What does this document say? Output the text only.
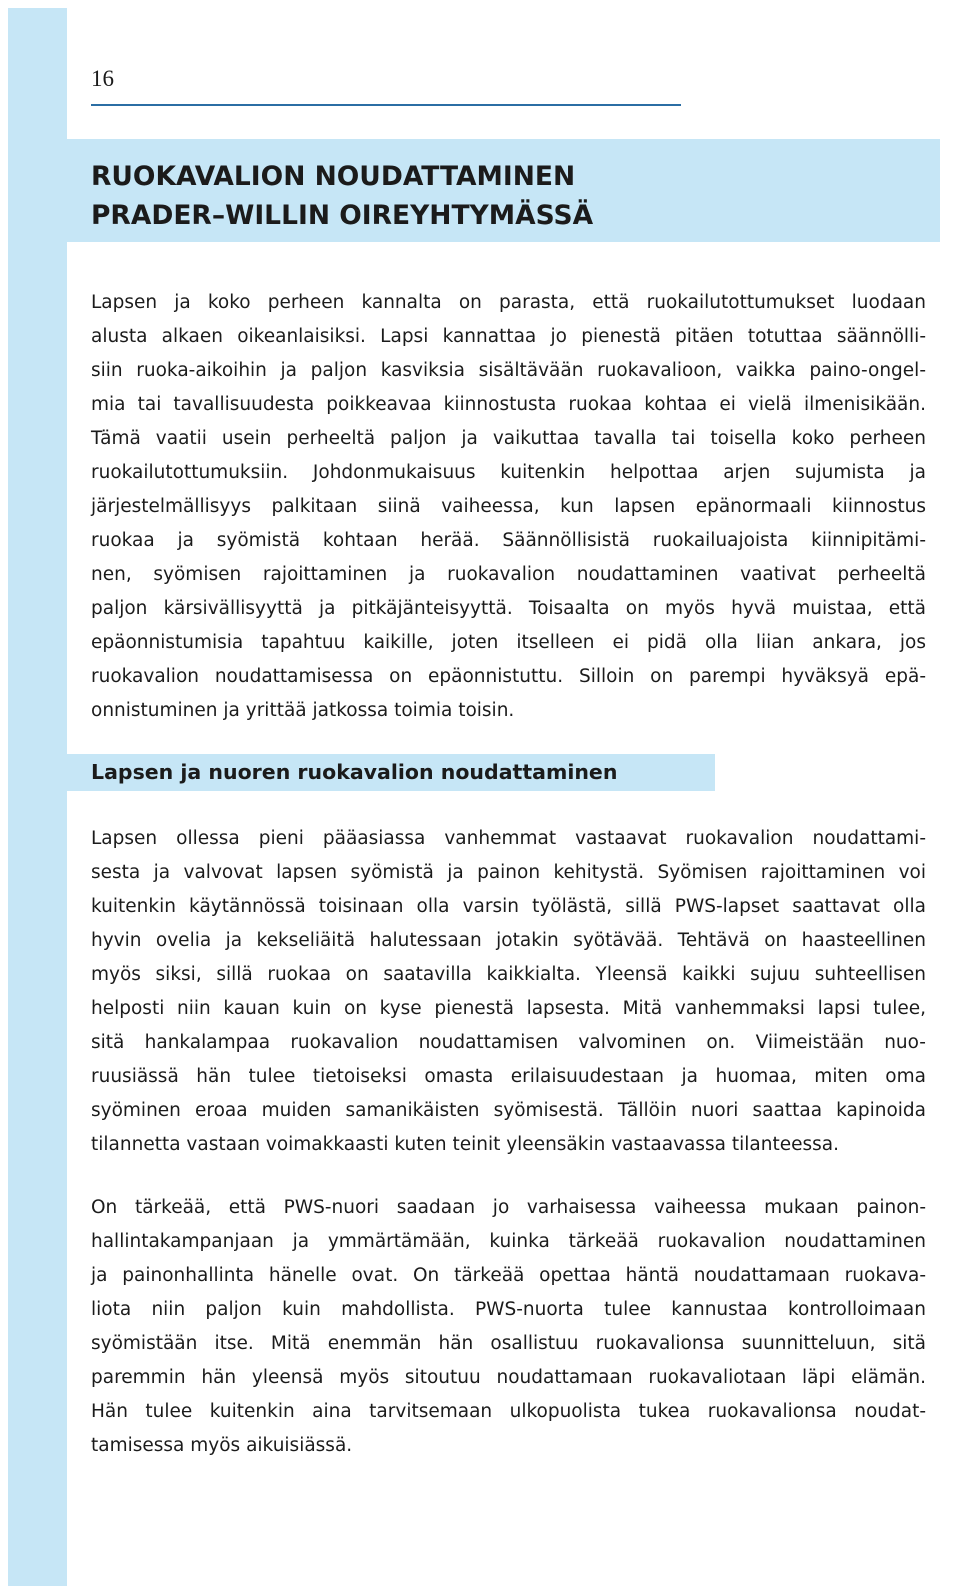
16
RUOKAVALION NOUDATTAMINEN
PRADER–WILLIN OIREYHTYMÄSSÄ
Lapsen ja koko perheen kannalta on parasta, että ruokailutottumukset luodaan
alusta alkaen oikeanlaisiksi. Lapsi kannattaa jo pienestä pitäen totuttaa säännölli-
siin ruoka-aikoihin ja paljon kasviksia sisältävään ruokavalioon, vaikka paino-ongel-
mia tai tavallisuudesta poikkeavaa kiinnostusta ruokaa kohtaa ei vielä ilmenisikään.
Tämä vaatii usein perheeltä paljon ja vaikuttaa tavalla tai toisella koko perheen
ruokailutottumuksiin. Johdonmukaisuus kuitenkin helpottaa arjen sujumista ja
järjestelmällisyys palkitaan siinä vaiheessa, kun lapsen epänormaali kiinnostus
ruokaa ja syömistä kohtaan herää. Säännöllisistä ruokailuajoista kiinnipitämi-
nen, syömisen rajoittaminen ja ruokavalion noudattaminen vaativat perheeltä
paljon kärsivällisyyttä ja pitkäjänteisyyttä. Toisaalta on myös hyvä muistaa, että
epäonnistumisia tapahtuu kaikille, joten itselleen ei pidä olla liian ankara, jos
ruokavalion noudattamisessa on epäonnistuttu. Silloin on parempi hyväksyä epä-
onnistuminen ja yrittää jatkossa toimia toisin.
Lapsen ja nuoren ruokavalion noudattaminen
Lapsen ollessa pieni pääasiassa vanhemmat vastaavat ruokavalion noudattami-
sesta ja valvovat lapsen syömistä ja painon kehitystä. Syömisen rajoittaminen voi
kuitenkin käytännössä toisinaan olla varsin työlästä, sillä PWS-lapset saattavat olla
hyvin ovelia ja kekseliäitä halutessaan jotakin syötävää. Tehtävä on haasteellinen
myös siksi, sillä ruokaa on saatavilla kaikkialta. Yleensä kaikki sujuu suhteellisen
helposti niin kauan kuin on kyse pienestä lapsesta. Mitä vanhemmaksi lapsi tulee,
sitä hankalampaa ruokavalion noudattamisen valvominen on. Viimeistään nuo-
ruusiässä hän tulee tietoiseksi omasta erilaisuudestaan ja huomaa, miten oma
syöminen eroaa muiden samanikäisten syömisestä. Tällöin nuori saattaa kapinoida
tilannetta vastaan voimakkaasti kuten teinit yleensäkin vastaavassa tilanteessa.
On tärkeää, että PWS-nuori saadaan jo varhaisessa vaiheessa mukaan painon-
hallintakampanjaan ja ymmärtämään, kuinka tärkeää ruokavalion noudattaminen
ja painonhallinta hänelle ovat. On tärkeää opettaa häntä noudattamaan ruokava-
liota niin paljon kuin mahdollista. PWS-nuorta tulee kannustaa kontrolloimaan
syömistään itse. Mitä enemmän hän osallistuu ruokavalionsa suunnitteluun, sitä
paremmin hän yleensä myös sitoutuu noudattamaan ruokavaliotaan läpi elämän.
Hän tulee kuitenkin aina tarvitsemaan ulkopuolista tukea ruokavalionsa noudat-
tamisessa myös aikuisiässä.
